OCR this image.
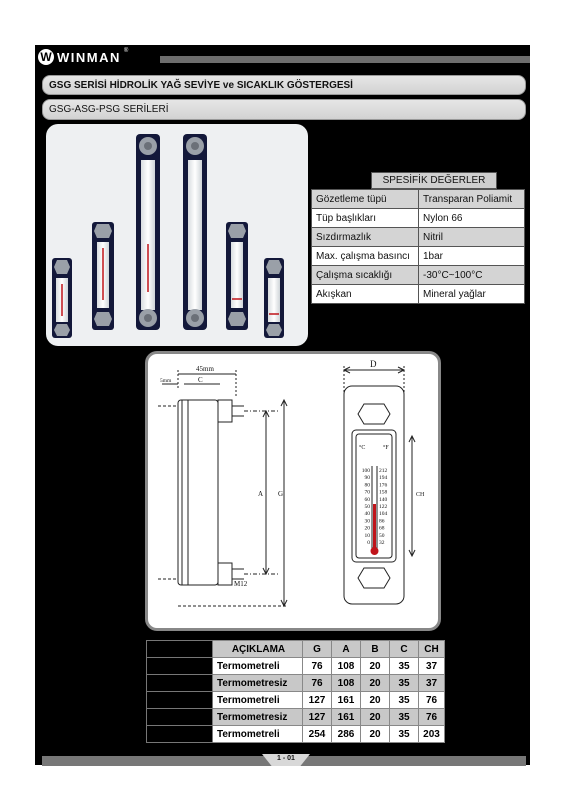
W WINMAN ®
GSG SERİSİ HİDROLİK YAĞ SEVİYE ve SICAKLIK GÖSTERGESİ
GSG-ASG-PSG SERİLERİ
SPESİFİK DEĞERLER
Gözetleme tüpü	Transparan Poliamit
Tüp başlıkları	Nylon 66
Sızdırmazlık	Nitril
Max. çalışma basıncı	1bar
Çalışma sıcaklığı	-30°C~100°C
Akışkan	Mineral yağlar
45mm
5mm	C
A G
M12
D
CH
°C	°F
100
90
80
70
60
50
40
30
20
10
0
212
194
176
158
140
122
104
86
68
50
32
	AÇIKLAMA	G	A	B	C	CH
	Termometreli	76	108	20	35	37
	Termometresiz	76	108	20	35	37
	Termometreli	127	161	20	35	76
	Termometresiz	127	161	20	35	76
	Termometreli	254	286	20	35	203
1 - 01
